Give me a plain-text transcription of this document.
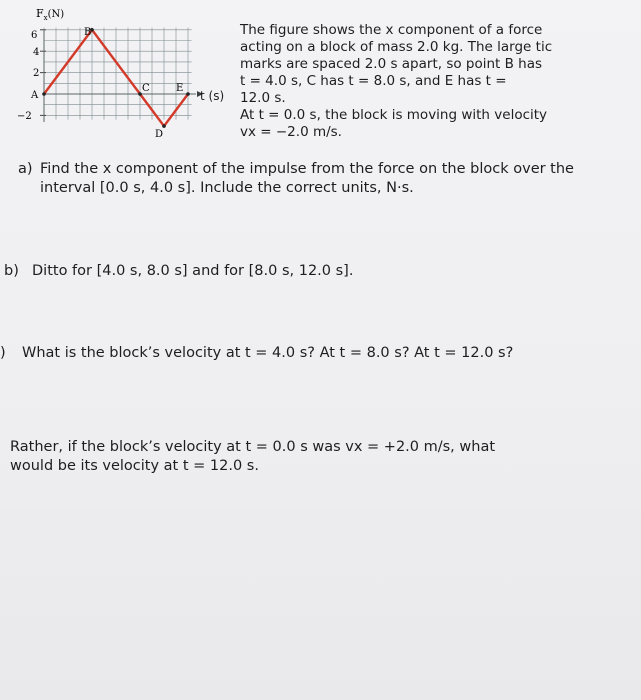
$F_x(N)$
6
4
2
−2
A
B
C
D
E
t (s)
The figure shows the x component of a force
acting on a block of mass 2.0 kg. The large tic
marks are spaced 2.0 s apart, so point B has
t = 4.0 s, C has t = 8.0 s, and E has t =
12.0 s.
At t = 0.0 s, the block is moving with velocity
vx = −2.0 m/s.
a) Find the x component of the impulse from the force on the block over the
interval [0.0 s, 4.0 s]. Include the correct units, N·s.
b) Ditto for [4.0 s, 8.0 s] and for [8.0 s, 12.0 s].
) What is the block’s velocity at t = 4.0 s? At t = 8.0 s? At t = 12.0 s?
Rather, if the block’s velocity at t = 0.0 s was vx = +2.0 m/s, what
would be its velocity at t = 12.0 s.
